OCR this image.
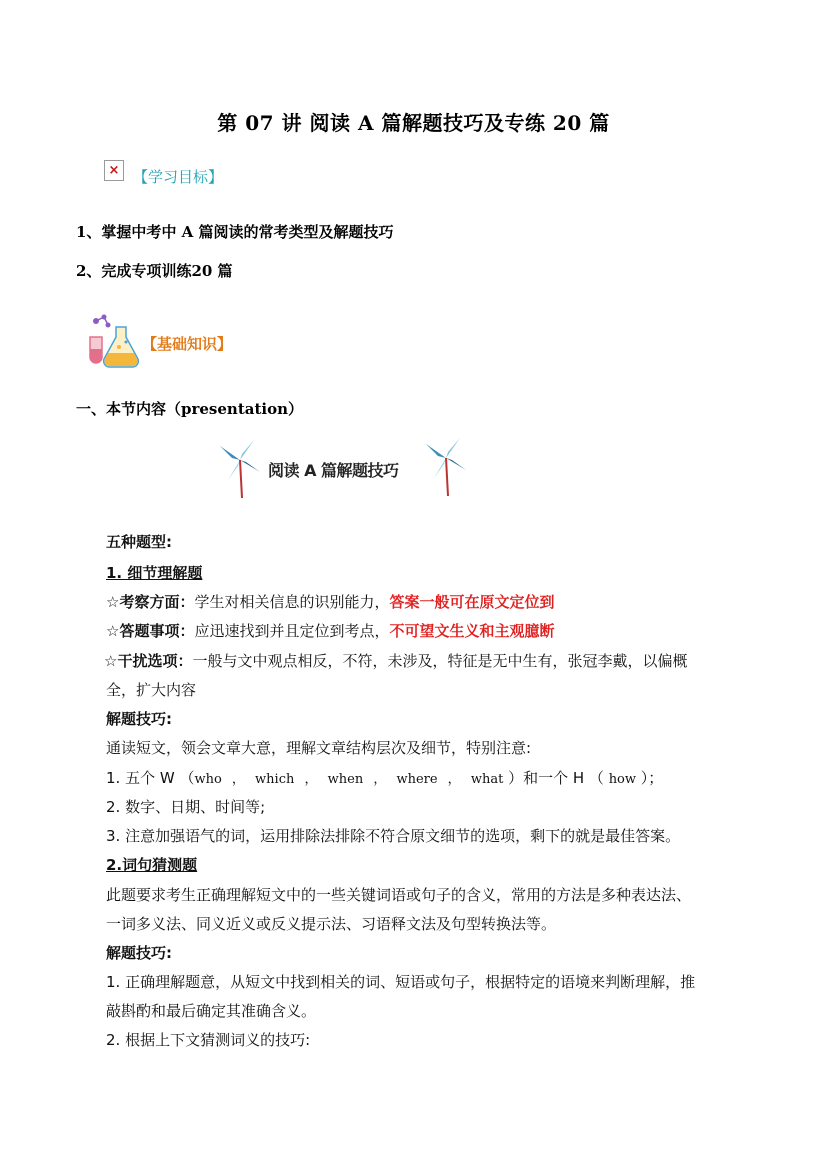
第 07 讲 阅读 A 篇解题技巧及专练 20 篇
× 【学习目标】
1、掌握中考中 A 篇阅读的常考类型及解题技巧
2、完成专项训练20 篇
【基础知识】
一、本节内容（presentation）
阅读 A 篇解题技巧
五种题型:
1. 细节理解题
☆考察方面：学生对相关信息的识别能力，答案一般可在原文定位到
☆答题事项：应迅速找到并且定位到考点，不可望文生义和主观臆断
☆干扰选项：一般与文中观点相反，不符，未涉及，特征是无中生有，张冠李戴，以偏概
全，扩大内容
解题技巧:
通读短文，领会文章大意，理解文章结构层次及细节，特别注意:
1. 五个 W （who ， which ， when ， where ， what ）和一个 H （ how ）；
2. 数字、日期、时间等;
3. 注意加强语气的词，运用排除法排除不符合原文细节的选项，剩下的就是最佳答案。
2.词句猜测题
此题要求考生正确理解短文中的一些关键词语或句子的含义，常用的方法是多种表达法、
一词多义法、同义近义或反义提示法、习语释文法及句型转换法等。
解题技巧:
1. 正确理解题意，从短文中找到相关的词、短语或句子，根据特定的语境来判断理解，推
敲斟酌和最后确定其准确含义。
2. 根据上下文猜测词义的技巧:
